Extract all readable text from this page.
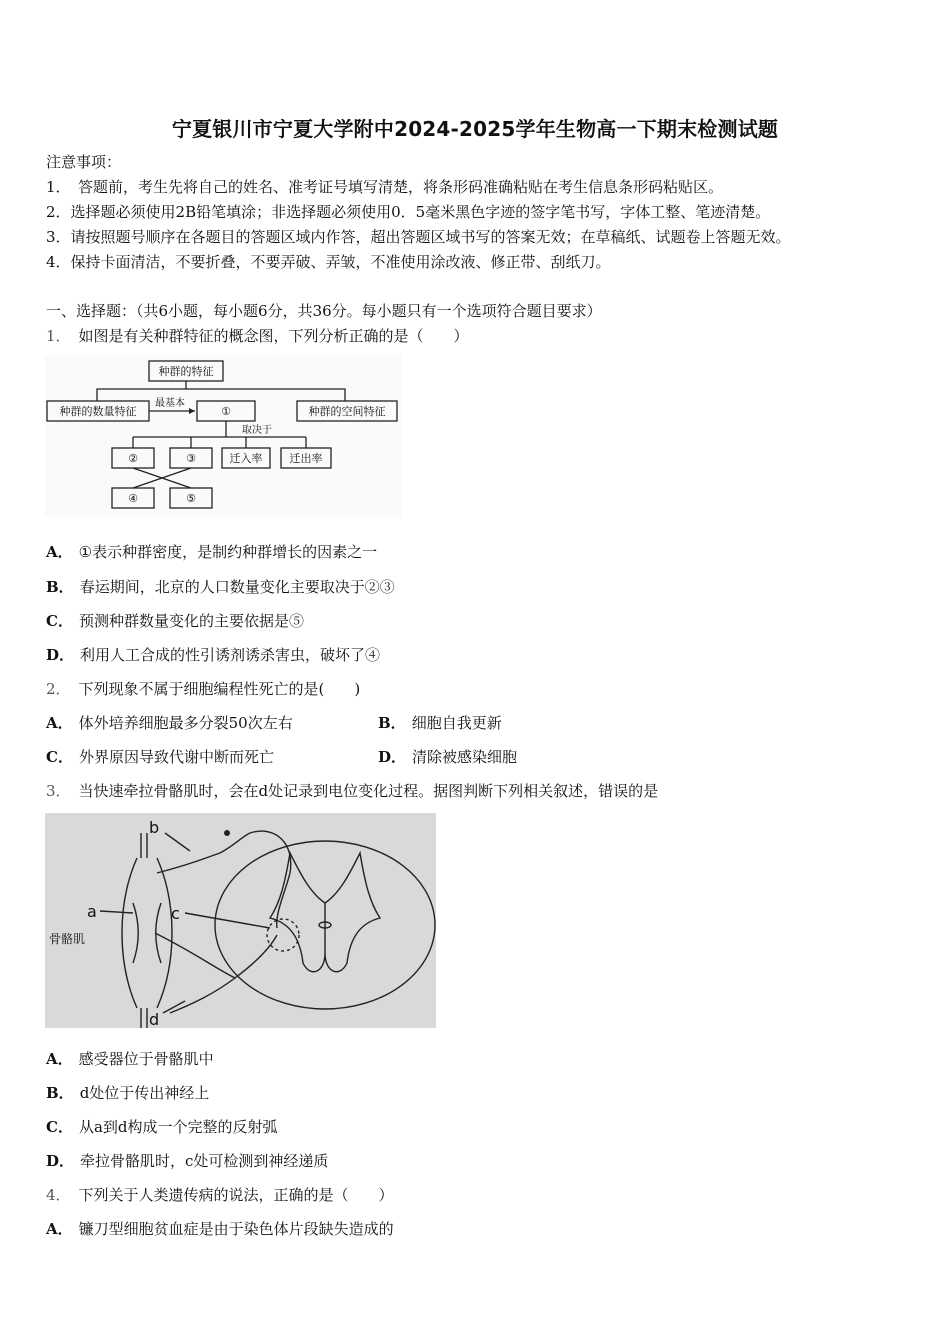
宁夏银川市宁夏大学附中2024-2025学年生物高一下期末检测试题
注意事项：
1．　答题前，考生先将自己的姓名、准考证号填写清楚，将条形码准确粘贴在考生信息条形码粘贴区。
2．选择题必须使用2B铅笔填涂；非选择题必须使用0．5毫米黑色字迹的签字笔书写，字体工整、笔迹清楚。
3．请按照题号顺序在各题目的答题区域内作答，超出答题区域书写的答案无效；在草稿纸、试题卷上答题无效。
4．保持卡面清洁，不要折叠，不要弄破、弄皱，不准使用涂改液、修正带、刮纸刀。
一、选择题：（共6小题，每小题6分，共36分。每小题只有一个选项符合题目要求）
1． 如图是有关种群特征的概念图，下列分析正确的是（　　）
种群的特征
种群的数量特征
最基本
①	种群的空间特征
取决于
②	③	迁入率 迁出率
④	⑤
A． ①表示种群密度，是制约种群增长的因素之一
B． 春运期间，北京的人口数量变化主要取决于②③
C． 预测种群数量变化的主要依据是⑤
D． 利用人工合成的性引诱剂诱杀害虫，破坏了④
2． 下列现象不属于细胞编程性死亡的是(　　)
A． 体外培养细胞最多分裂50次左右	B． 细胞自我更新
C． 外界原因导致代谢中断而死亡	D． 清除被感染细胞
3． 当快速牵拉骨骼肌时，会在d处记录到电位变化过程。据图判断下列相关叙述，错误的是
b
a	c
d
骨骼肌
A． 感受器位于骨骼肌中
B． d处位于传出神经上
C． 从a到d构成一个完整的反射弧
D． 牵拉骨骼肌时，c处可检测到神经递质
4． 下列关于人类遗传病的说法，正确的是（　　）
A． 镰刀型细胞贫血症是由于染色体片段缺失造成的
